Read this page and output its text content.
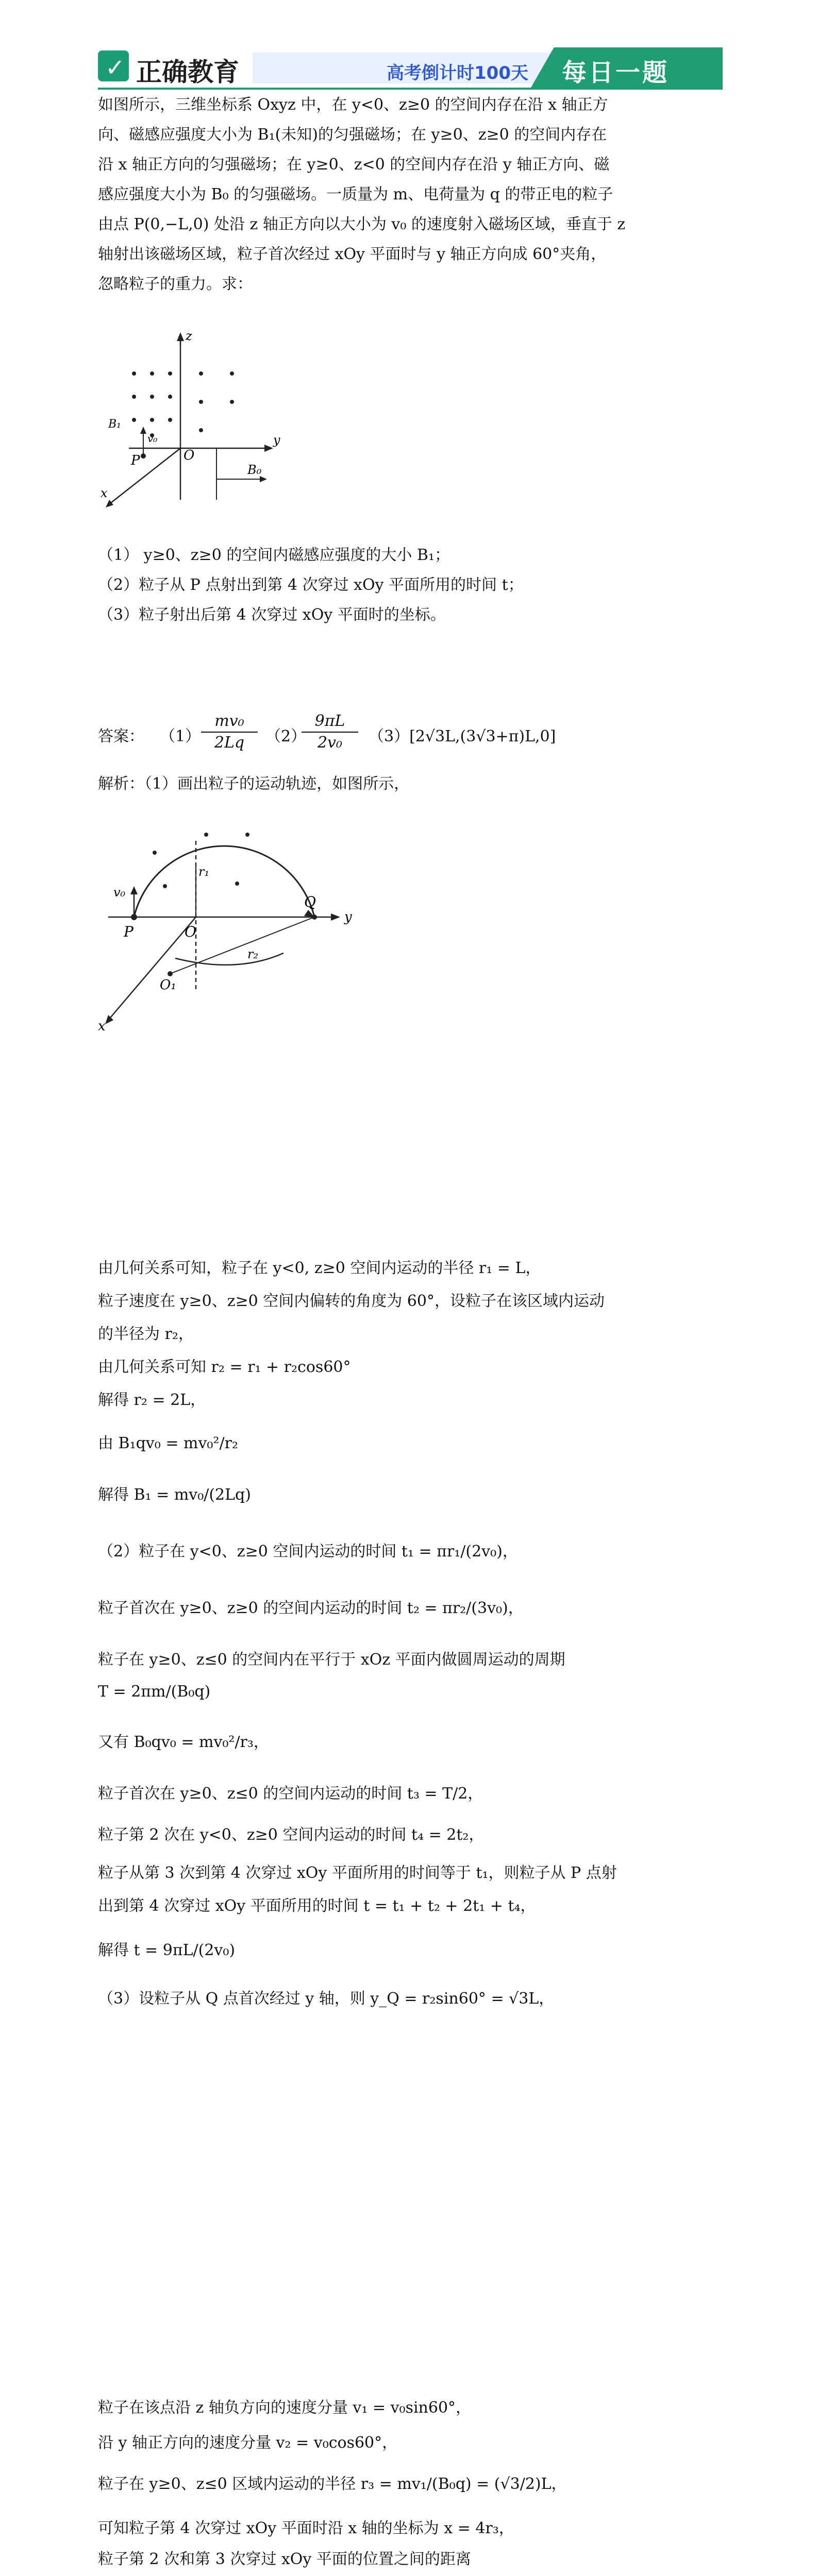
✓ 正确教育	高考倒计时100天 每日一题
如图所示，三维坐标系 Oxyz 中，在 y<0、z≥0 的空间内存在沿 x 轴正方
向、磁感应强度大小为 B₁(未知)的匀强磁场；在 y≥0、z≥0 的空间内存在
沿 x 轴正方向的匀强磁场；在 y≥0、z<0 的空间内存在沿 y 轴正方向、磁
感应强度大小为 B₀ 的匀强磁场。一质量为 m、电荷量为 q 的带正电的粒子
由点 P(0,−L,0) 处沿 z 轴正方向以大小为 v₀ 的速度射入磁场区域，垂直于 z
轴射出该磁场区域，粒子首次经过 xOy 平面时与 y 轴正方向成 60°夹角，
忽略粒子的重力。求：
z
y
x
P	O
B₁
v₀
B₀
（1） y≥0、z≥0 的空间内磁感应强度的大小 B₁；
（2）粒子从 P 点射出到第 4 次穿过 xOy 平面所用的时间 t；
（3）粒子射出后第 4 次穿过 xOy 平面时的坐标。
答案： $(1) \frac{\text{mv₀}}{2Lq} (2)$
$\frac{9\pi L}{\text{2v₀}} (3)[2√3L,(3√3+\pi)L,0]$
解析：（1）画出粒子的运动轨迹，如图所示，
v₀
r₁
P	O
Q
y
r₂
O₁
x
由几何关系可知，粒子在 y<0, z≥0 空间内运动的半径 r₁ = L，
粒子速度在 y≥0、z≥0 空间内偏转的角度为 60°，设粒子在该区域内运动
的半径为 r₂，
由几何关系可知 r₂ = r₁ + r₂cos60°
解得 r₂ = 2L，
由 B₁qv₀ = mv₀²/r₂
解得 B₁ = mv₀/(2Lq)
（2）粒子在 y<0、z≥0 空间内运动的时间 t₁ = πr₁/(2v₀)，
粒子首次在 y≥0、z≥0 的空间内运动的时间 t₂ = πr₂/(3v₀)，
粒子在 y≥0、z≤0 的空间内在平行于 xOz 平面内做圆周运动的周期
T = 2πm/(B₀q)
又有 B₀qv₀ = mv₀²/r₃，
粒子首次在 y≥0、z≤0 的空间内运动的时间 t₃ = T/2，
粒子第 2 次在 y<0、z≥0 空间内运动的时间 t₄ = 2t₂，
粒子从第 3 次到第 4 次穿过 xOy 平面所用的时间等于 t₁，则粒子从 P 点射
出到第 4 次穿过 xOy 平面所用的时间 t = t₁ + t₂ + 2t₁ + t₄，
解得 t = 9πL/(2v₀)
（3）设粒子从 Q 点首次经过 y 轴，则 y_Q = r₂sin60° = √3L，
粒子在该点沿 z 轴负方向的速度分量 v₁ = v₀sin60°，
沿 y 轴正方向的速度分量 v₂ = v₀cos60°，
粒子在 y≥0、z≤0 区域内运动的半径 r₃ = mv₁/(B₀q) = (√3/2)L，
可知粒子第 4 次穿过 xOy 平面时沿 x 轴的坐标为 x = 4r₃，
粒子第 2 次和第 3 次穿过 xOy 平面的位置之间的距离
